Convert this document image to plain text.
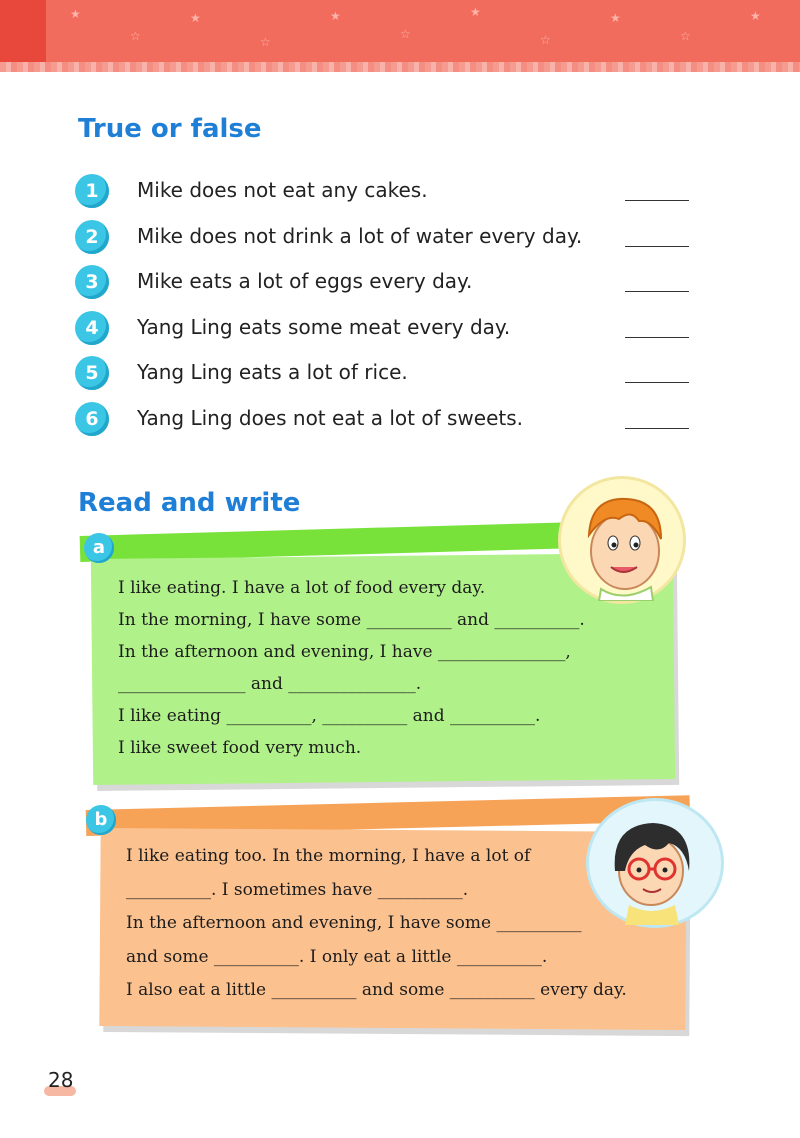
★
☆
★
☆
★
☆
★
☆
★
☆
★
True or false
1	Mike does not eat any cakes.
2	Mike does not drink a lot of water every day.
3	Mike eats a lot of eggs every day.
4	Yang Ling eats some meat every day.
5	Yang Ling eats a lot of rice.
6	Yang Ling does not eat a lot of sweets.
Read and write
a
I like eating. I have a lot of food every day.
In the morning, I have some __________ and __________.
In the afternoon and evening, I have _______________,
_______________ and _______________.
I like eating __________, __________ and __________.
I like sweet food very much.
b
I like eating too. In the morning, I have a lot of
__________. I sometimes have __________.
In the afternoon and evening, I have some __________
and some __________. I only eat a little __________.
I also eat a little __________ and some __________ every day.
28
